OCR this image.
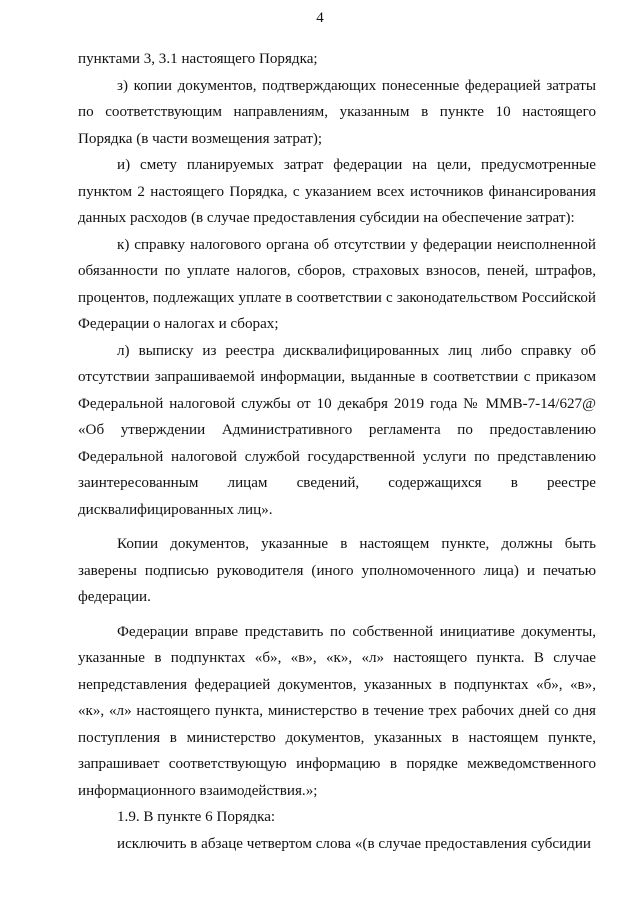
4

пунктами 3, 3.1 настоящего Порядка;

з) копии документов, подтверждающих понесенные федерацией затраты по соответствующим направлениям, указанным в пункте 10 настоящего Порядка (в части возмещения затрат);

и) смету планируемых затрат федерации на цели, предусмотренные пунктом 2 настоящего Порядка, с указанием всех источников финансирования данных расходов (в случае предоставления субсидии на обеспечение затрат):

к) справку налогового органа об отсутствии у федерации неисполненной обязанности по уплате налогов, сборов, страховых взносов, пеней, штрафов, процентов, подлежащих уплате в соответствии с законодательством Российской Федерации о налогах и сборах;

л) выписку из реестра дисквалифицированных лиц либо справку об отсутствии запрашиваемой информации, выданные в соответствии с приказом Федеральной налоговой службы от 10 декабря 2019 года № ММВ-7-14/627@ «Об утверждении Административного регламента по предоставлению Федеральной налоговой службой государственной услуги по представлению заинтересованным лицам сведений, содержащихся в реестре дисквалифицированных лиц».

Копии документов, указанные в настоящем пункте, должны быть заверены подписью руководителя (иного уполномоченного лица) и печатью федерации.

Федерации вправе представить по собственной инициативе документы, указанные в подпунктах «б», «в», «к», «л» настоящего пункта. В случае непредставления федерацией документов, указанных в подпунктах «б», «в», «к», «л» настоящего пункта, министерство в течение трех рабочих дней со дня поступления в министерство документов, указанных в настоящем пункте, запрашивает соответствующую информацию в порядке межведомственного информационного взаимодействия.»;

1.9. В пункте 6 Порядка:

исключить в абзаце четвертом слова «(в случае предоставления субсидии
